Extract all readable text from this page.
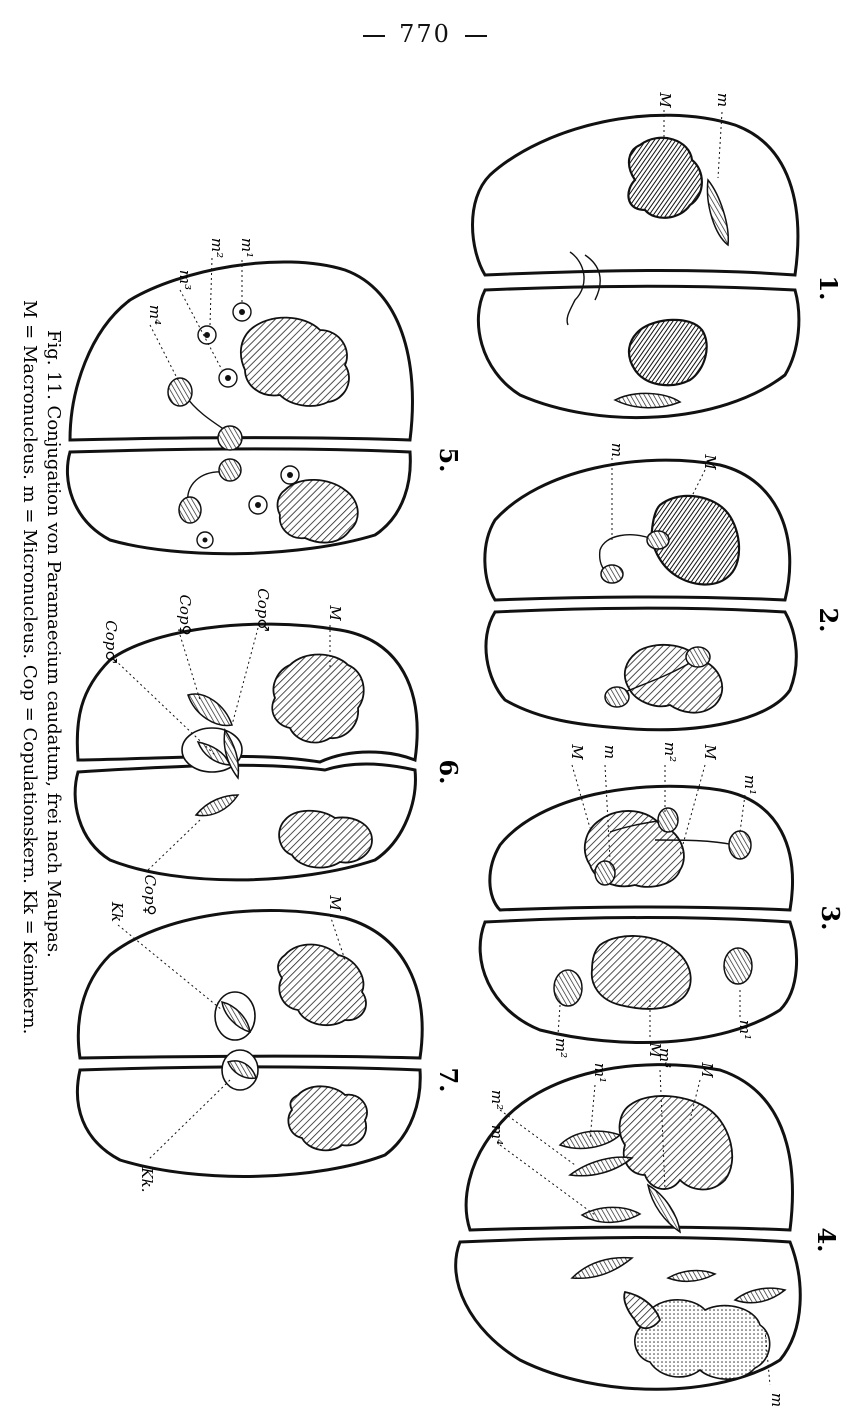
770
M	m
1.
M
m
2.
M m	m² M
m¹
m¹
M
m²
3.
M
m³
m¹
m²
m⁴
m
4.
m¹
m²
m³
m⁴
5.
M
Cop♀	Cop♂
Cop♂
Cop♀
6.
M
Kk
Kk.
7.
Fig. 11. Conjugation von Paramaecium caudatum, frei nach Maupas.
M = Macronucleus. m = Micronucleus. Cop = Copulationskern. Kk = Keimkern.
